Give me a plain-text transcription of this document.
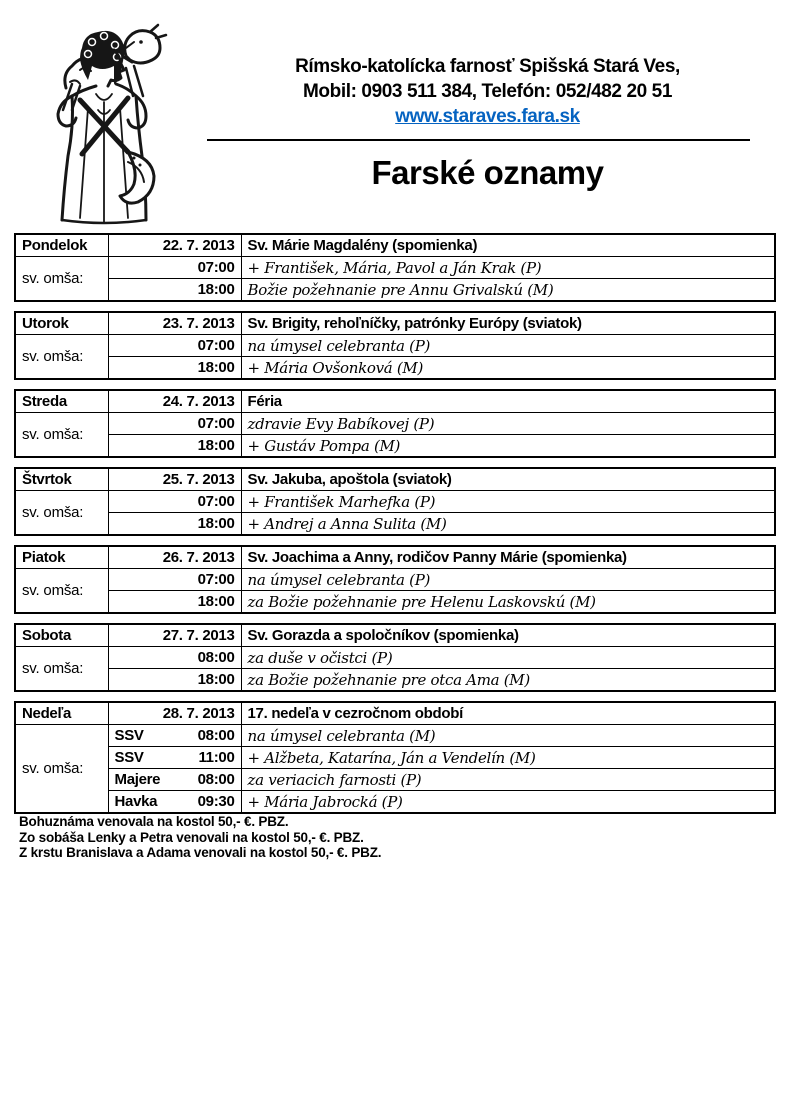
Rímsko-katolícka farnosť Spišská Stará Ves,
Mobil: 0903 511 384, Telefón: 052/482 20 51
www.staraves.fara.sk
Farské oznamy
Pondelok	22. 7. 2013	Sv. Márie Magdalény (spomienka)
sv. omša:	07:00	+ František, Mária, Pavol a Ján Krak (P)

	18:00	Božie požehnanie pre Annu Grivalskú (M)
Utorok	23. 7. 2013	Sv. Brigity, rehoľníčky, patrónky Európy (sviatok)
sv. omša:	07:00	na úmysel celebranta (P)

	18:00	+ Mária Ovšonková (M)
Streda	24. 7. 2013	Féria
sv. omša:	07:00	zdravie Evy Babíkovej (P)

	18:00	+ Gustáv Pompa (M)
Štvrtok	25. 7. 2013	Sv. Jakuba, apoštola (sviatok)
sv. omša:	07:00	+ František Marhefka (P)

	18:00	+ Andrej a Anna Sulita (M)
Piatok	26. 7. 2013	Sv. Joachima a Anny, rodičov Panny Márie (spomienka)
sv. omša:	07:00	na úmysel celebranta (P)

	18:00	za Božie požehnanie pre Helenu Laskovskú (M)
Sobota	27. 7. 2013	Sv. Gorazda a spoločníkov (spomienka)
sv. omša:	08:00	za duše v očistci (P)

	18:00	za Božie požehnanie pre otca Ama (M)
Nedeľa	28. 7. 2013	17. nedeľa v cezročnom období
sv. omša:	SSV 08:00	na úmysel celebranta (M)

	SSV 11:00	+ Alžbeta, Katarína, Ján a Vendelín (M)

	Majere 08:00	za veriacich farnosti (P)

	Havka 09:30	+ Mária Jabrocká (P)
Bohuznáma venovala na kostol 50,- €. PBZ.
Zo sobáša Lenky a Petra venovali na kostol 50,- €. PBZ.
Z krstu Branislava a Adama venovali na kostol 50,- €. PBZ.
